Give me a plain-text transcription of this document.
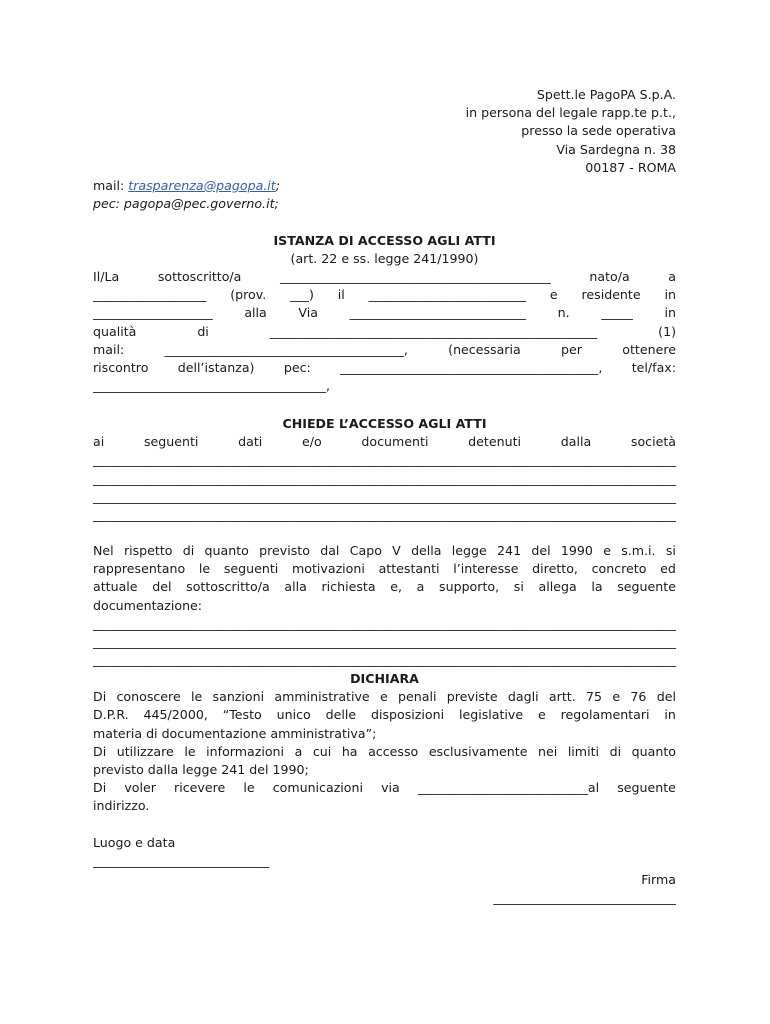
Spett.le PagoPA S.p.A.
in persona del legale rapp.te p.t.,
presso la sede operativa
Via Sardegna n. 38
00187 - ROMA
mail: trasparenza@pagopa.it;
pec: pagopa@pec.governo.it;
ISTANZA DI ACCESSO AGLI ATTI
(art. 22 e ss. legge 241/1990)
Il/La	sottoscritto/a	___________________________________________	nato/a	a
__________________ (prov. ___) il _________________________ e residente in
___________________	alla	Via	____________________________	n.	_____	in
qualità	di	____________________________________________________	(1)
mail:	______________________________________,	(necessaria	per	ottenere
riscontro dell’istanza) pec: _________________________________________, tel/fax:
_____________________________________,
CHIEDE L’ACCESSO AGLI ATTI
ai	seguenti	dati	e/o	documenti	detenuti	dalla	società
__________________________________________________________________________________________
__________________________________________________________________________________________
__________________________________________________________________________________________
__________________________________________________________________________________________
Nel rispetto di quanto previsto dal Capo V della legge 241 del 1990 e s.m.i. si
rappresentano le seguenti motivazioni attestanti l’interesse diretto, concreto ed
attuale del sottoscritto/a alla richiesta e, a supporto, si allega la seguente
documentazione:
__________________________________________________________________________________________
__________________________________________________________________________________________
__________________________________________________________________________________________
DICHIARA
Di conoscere le sanzioni amministrative e penali previste dagli artt. 75 e 76 del
D.P.R. 445/2000, “Testo unico delle disposizioni legislative e regolamentari in
materia di documentazione amministrativa”;
Di utilizzare le informazioni a cui ha accesso esclusivamente nei limiti di quanto
previsto dalla legge 241 del 1990;
Di voler ricevere le comunicazioni via ___________________________al seguente
indirizzo.
Luogo e data
____________________________
Firma
_____________________________
